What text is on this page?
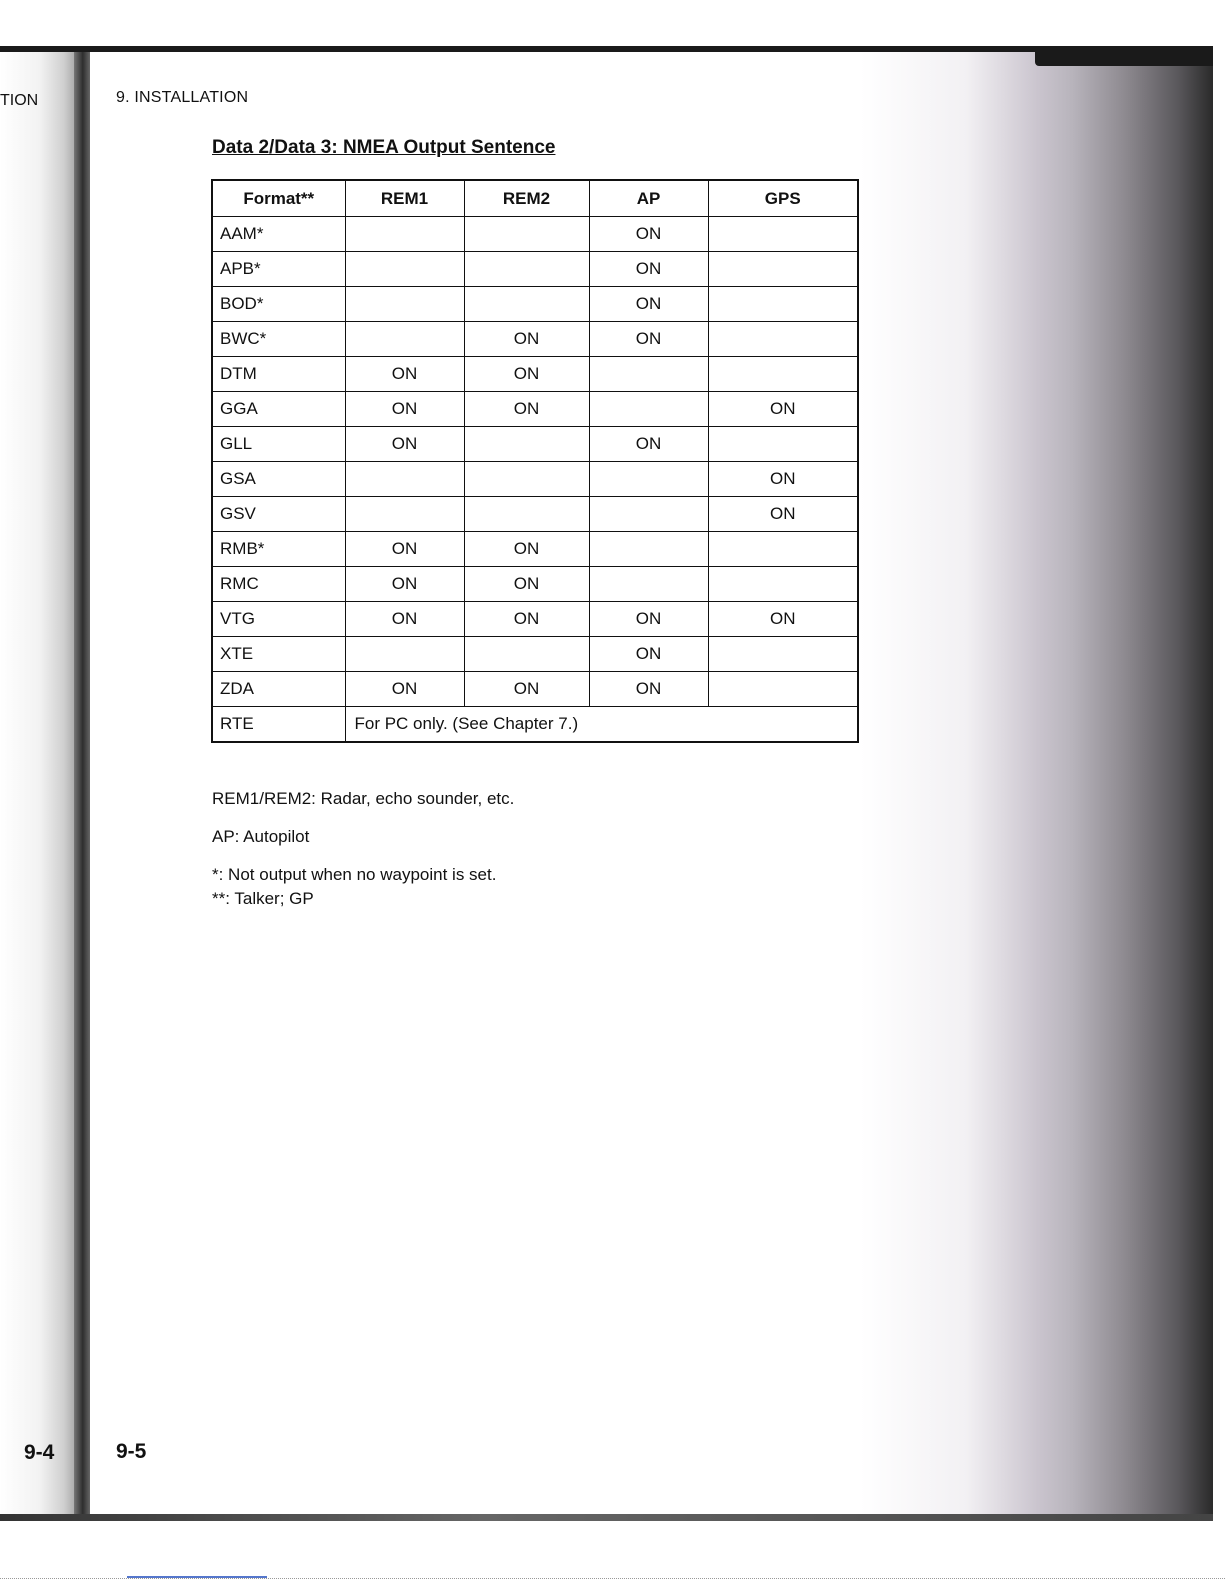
TION
9-4
9. INSTALLATION
Data 2/Data 3: NMEA Output Sentence
Format**	REM1	REM2	AP	GPS
AAM*			ON	
APB*			ON	
BOD*			ON	
BWC*		ON	ON	
DTM	ON	ON		
GGA	ON	ON		ON
GLL	ON		ON	
GSA				ON
GSV				ON
RMB*	ON	ON		
RMC	ON	ON		
VTG	ON	ON	ON	ON
XTE			ON	
ZDA	ON	ON	ON	
RTE	For PC only. (See Chapter 7.)			
REM1/REM2: Radar, echo sounder, etc.
AP: Autopilot
*: Not output when no waypoint is set.
**: Talker; GP
9-5
